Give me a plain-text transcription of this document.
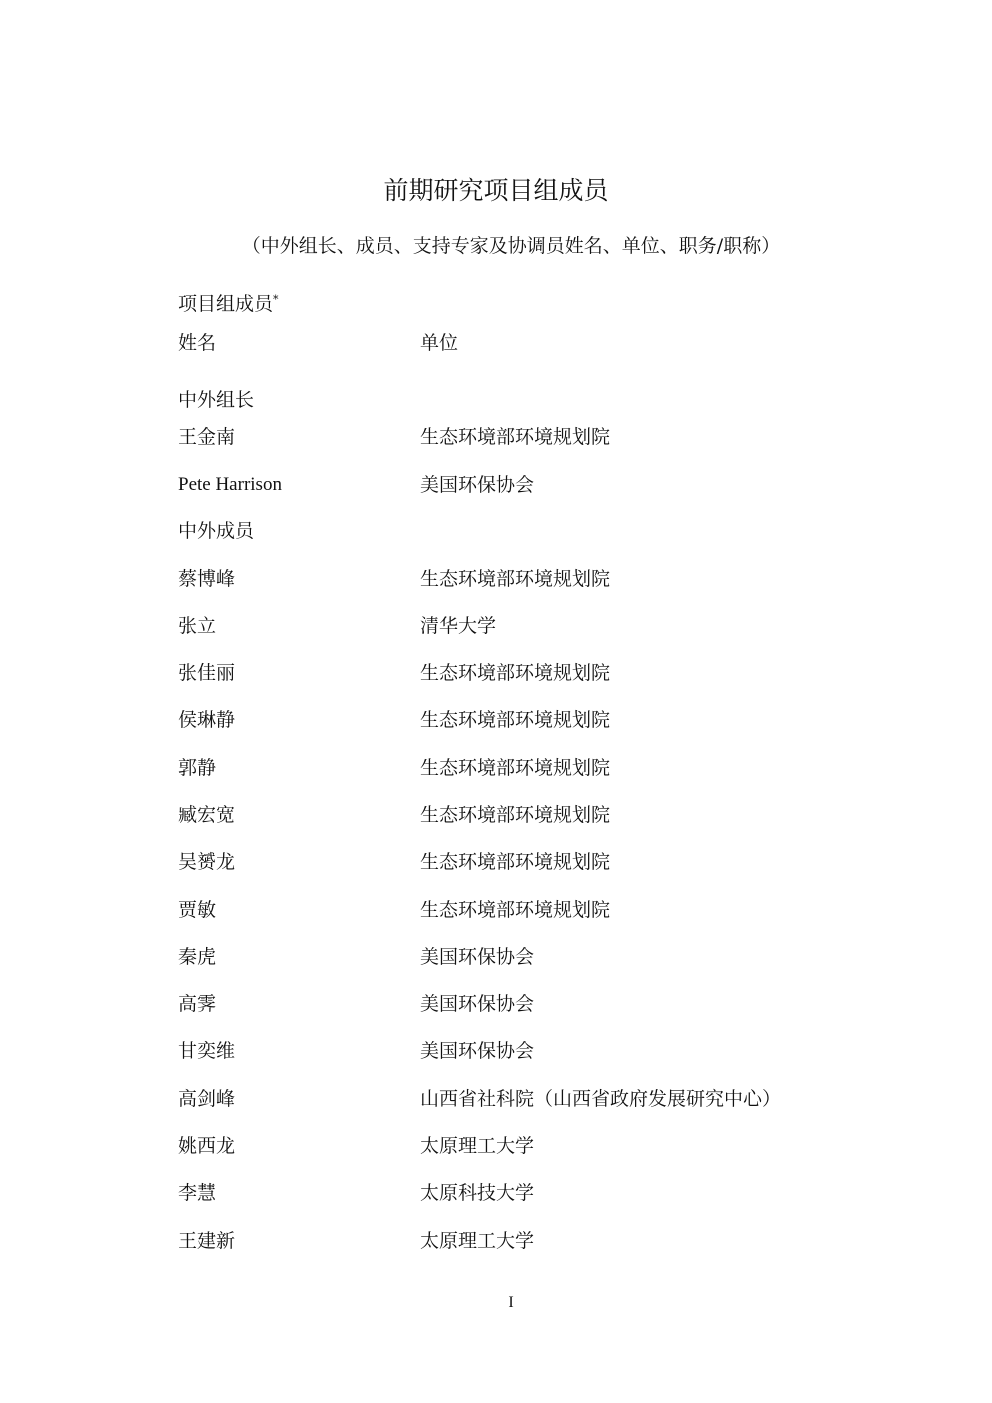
前期研究项目组成员

（中外组长、成员、支持专家及协调员姓名、单位、职务/职称）

项目组成员*
姓名	单位
中外组长
王金南	生态环境部环境规划院
Pete Harrison	美国环保协会
中外成员
蔡博峰	生态环境部环境规划院
张立	清华大学
张佳丽	生态环境部环境规划院
侯琳静	生态环境部环境规划院
郭静	生态环境部环境规划院
臧宏宽	生态环境部环境规划院
吴赟龙	生态环境部环境规划院
贾敏	生态环境部环境规划院
秦虎	美国环保协会
高霁	美国环保协会
甘奕维	美国环保协会
高剑峰	山西省社科院（山西省政府发展研究中心）
姚西龙	太原理工大学
李慧	太原科技大学
王建新	太原理工大学
I
